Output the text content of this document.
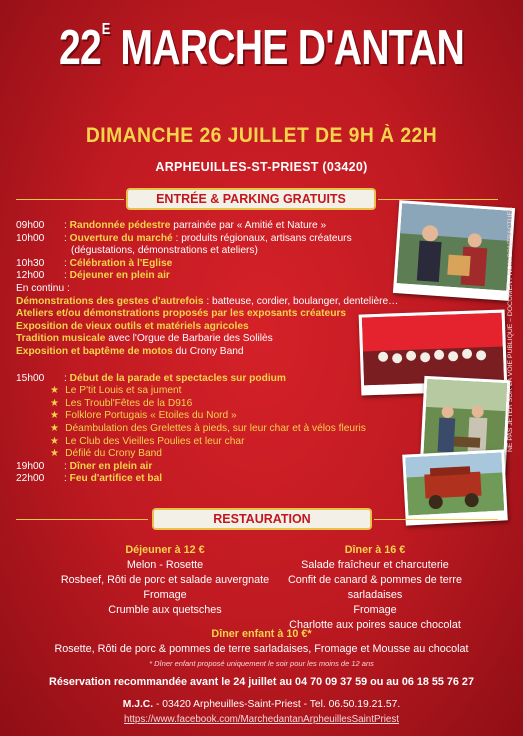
$22^E$ MARCHE D'ANTAN
DIMANCHE 26 JUILLET DE 9H À 22H
ARPHEUILLES-ST-PRIEST (03420)
ENTRÉE & PARKING GRATUITS
09h00	: Randonnée pédestre parrainée par « Amitié et Nature »
10h00	: Ouverture du marché : produits régionaux, artisans créateurs
(dégustations, démonstrations et ateliers)
10h30	: Célébration à l'Eglise
12h00	: Déjeuner en plein air
En continu :
Démonstrations des gestes d'autrefois : batteuse, cordier, boulanger, dentelière…
Ateliers et/ou démonstrations proposés par les exposants créateurs
Exposition de vieux outils et matériels agricoles
Tradition musicale avec l'Orgue de Barbarie des Solilès
Exposition et baptême de motos du Crony Band
15h00	: Début de la parade et spectacles sur podium
★ Le P'tit Louis et sa jument
★ Les Troubl'Fêtes de la D916
★ Folklore Portugais « Etoiles du Nord »
★ Déambulation des Grelettes à pieds, sur leur char et à vélos fleuris
★ Le Club des Vieilles Poulies et leur char
★ Défilé du Crony Band
19h00	: Dîner en plein air
22h00	: Feu d'artifice et bal
NE PAS JETER SUR LA VOIE PUBLIQUE – DOCUMENT NON CONTRACTUEL
RESTAURATION
Déjeuner à 12 €
Melon - Rosette
Rosbeef, Rôti de porc et salade auvergnate
Fromage
Crumble aux quetsches
Dîner à 16 €
Salade fraîcheur et charcuterie
Confit de canard & pommes de terre sarladaises
Fromage
Charlotte aux poires sauce chocolat
Dîner enfant à 10 €*
Rosette, Rôti de porc & pommes de terre sarladaises, Fromage et Mousse au chocolat
* Dîner enfant proposé uniquement le soir pour les moins de 12 ans
Réservation recommandée avant le 24 juillet au 04 70 09 37 59 ou au 06 18 55 76 27
M.J.C. - 03420 Arpheuilles-Saint-Priest - Tel. 06.50.19.21.57.
https://www.facebook.com/MarchedantanArpheuillesSaintPriest
